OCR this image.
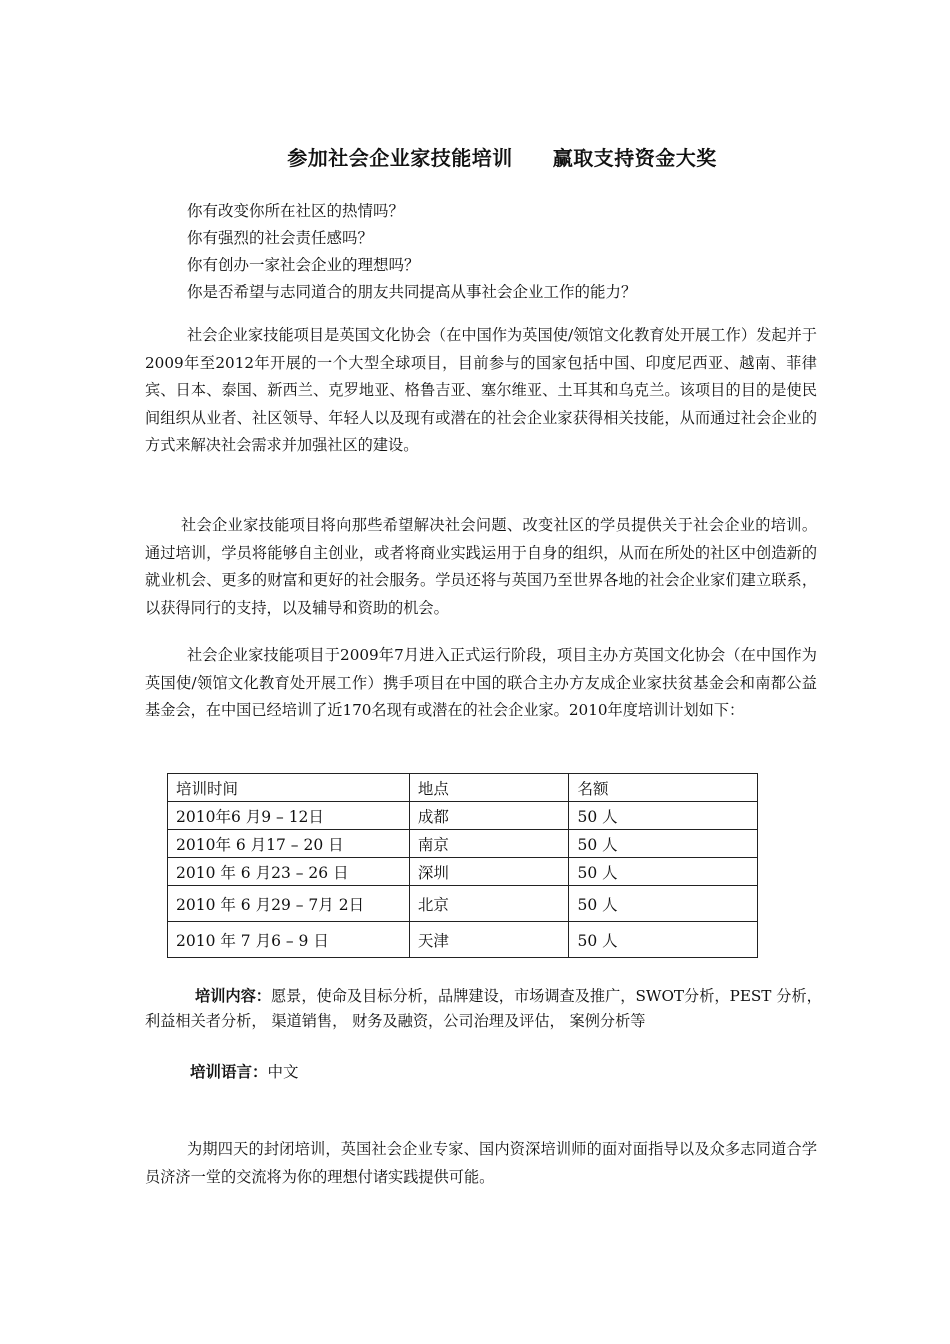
参加社会企业家技能培训 赢取支持资金大奖
你有改变你所在社区的热情吗？
你有强烈的社会责任感吗？
你有创办一家社会企业的理想吗？
你是否希望与志同道合的朋友共同提高从事社会企业工作的能力？
社会企业家技能项目是英国文化协会（在中国作为英国使/领馆文化教育处开展工作）发起并于2009年至2012年开展的一个大型全球项目，目前参与的国家包括中国、印度尼西亚、越南、菲律宾、日本、泰国、新西兰、克罗地亚、格鲁吉亚、塞尔维亚、土耳其和乌克兰。该项目的目的是使民间组织从业者、社区领导、年轻人以及现有或潜在的社会企业家获得相关技能，从而通过社会企业的方式来解决社会需求并加强社区的建设。
社会企业家技能项目将向那些希望解决社会问题、改变社区的学员提供关于社会企业的培训。通过培训，学员将能够自主创业，或者将商业实践运用于自身的组织，从而在所处的社区中创造新的就业机会、更多的财富和更好的社会服务。学员还将与英国乃至世界各地的社会企业家们建立联系，以获得同行的支持，以及辅导和资助的机会。
社会企业家技能项目于2009年7月进入正式运行阶段，项目主办方英国文化协会（在中国作为英国使/领馆文化教育处开展工作）携手项目在中国的联合主办方友成企业家扶贫基金会和南都公益基金会，在中国已经培训了近170名现有或潜在的社会企业家。2010年度培训计划如下：
培训时间	地点	名额
2010年6 月9 – 12日	成都	50 人
2010年 6 月17 – 20 日	南京	50 人
2010 年 6 月23 – 26 日	深圳	50 人
2010 年 6 月29 – 7月 2日	北京	50 人
2010 年 7 月6 – 9 日	天津	50 人
培训内容：愿景，使命及目标分析，品牌建设，市场调查及推广，SWOT分析，PEST 分析，利益相关者分析， 渠道销售， 财务及融资，公司治理及评估， 案例分析等
培训语言：中文
为期四天的封闭培训，英国社会企业专家、国内资深培训师的面对面指导以及众多志同道合学员济济一堂的交流将为你的理想付诸实践提供可能。
